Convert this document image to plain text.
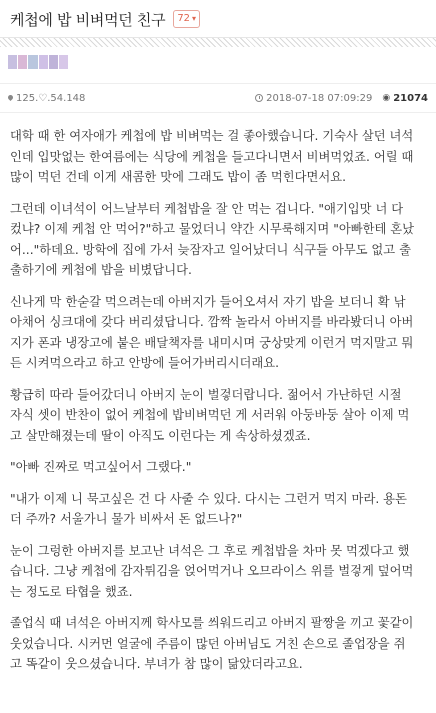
케첩에 밥 비벼먹던 친구 72 ▾
125.♡.54.148	2018-07-18 07:09:29 ◉ 21074

대학 때 한 여자애가 케첩에 밥 비벼먹는 걸 좋아했습니다. 기숙사 살던 녀석
인데 입맛없는 한여름에는 식당에 케첩을 들고다니면서 비벼먹었죠. 어릴 때
많이 먹던 건데 이게 새콤한 맛에 그래도 밥이 좀 먹힌다면서요.

그런데 이녀석이 어느날부터 케첩밥을 잘 안 먹는 겁니다. "애기입맛 너 다
컸냐? 이제 케첩 안 먹어?"하고 물었더니 약간 시무룩해지며 "아빠한테 혼났
어..."하데요. 방학에 집에 가서 늦잠자고 일어났더니 식구들 아무도 없고 출
출하기에 케첩에 밥을 비볐답니다.

신나게 막 한숟갈 먹으려는데 아버지가 들어오셔서 자기 밥을 보더니 확 낚
아채어 싱크대에 갖다 버리셨답니다. 깜짝 놀라서 아버지를 바라봤더니 아버
지가 폰과 냉장고에 붙은 배달책자를 내미시며 궁상맞게 이런거 먹지말고 뭐
든 시켜먹으라고 하고 안방에 들어가버리시더래요.

황급히 따라 들어갔더니 아버지 눈이 벌겋더랍니다. 젊어서 가난하던 시절
자식 셋이 반찬이 없어 케첩에 밥비벼먹던 게 서러워 아둥바둥 살아 이제 먹
고 살만해졌는데 딸이 아직도 이런다는 게 속상하셨겠죠.

"아빠 진짜로 먹고싶어서 그랬다."

"내가 이제 니 묵고싶은 건 다 사줄 수 있다. 다시는 그런거 먹지 마라. 용돈
더 주까? 서울가니 물가 비싸서 돈 없드나?"

눈이 그렁한 아버지를 보고난 녀석은 그 후로 케첩밥을 차마 못 먹겠다고 했
습니다. 그냥 케첩에 감자튀김을 얹어먹거나 오므라이스 위를 벌겋게 덮어먹
는 정도로 타협을 했죠.

졸업식 때 녀석은 아버지께 학사모를 씌워드리고 아버지 팔짱을 끼고 꽃같이
웃었습니다. 시커먼 얼굴에 주름이 많던 아버님도 거친 손으로 졸업장을 쥐
고 똑같이 웃으셨습니다. 부녀가 참 많이 닮았더라고요.
